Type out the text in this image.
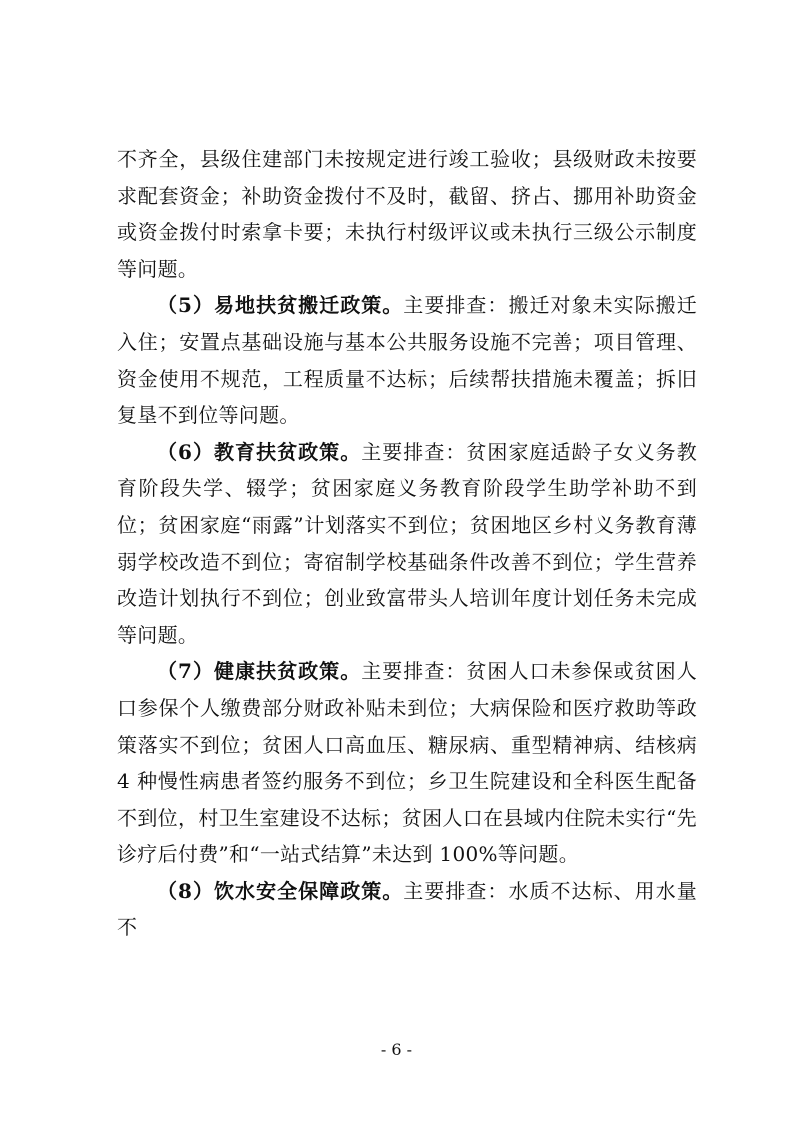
不齐全，县级住建部门未按规定进行竣工验收；县级财政未按要求配套资金；补助资金拨付不及时，截留、挤占、挪用补助资金或资金拨付时索拿卡要；未执行村级评议或未执行三级公示制度等问题。

（5）易地扶贫搬迁政策。主要排查：搬迁对象未实际搬迁入住；安置点基础设施与基本公共服务设施不完善；项目管理、资金使用不规范，工程质量不达标；后续帮扶措施未覆盖；拆旧复垦不到位等问题。

（6）教育扶贫政策。主要排查：贫困家庭适龄子女义务教育阶段失学、辍学；贫困家庭义务教育阶段学生助学补助不到位；贫困家庭“雨露”计划落实不到位；贫困地区乡村义务教育薄弱学校改造不到位；寄宿制学校基础条件改善不到位；学生营养改造计划执行不到位；创业致富带头人培训年度计划任务未完成等问题。

（7）健康扶贫政策。主要排查：贫困人口未参保或贫困人口参保个人缴费部分财政补贴未到位；大病保险和医疗救助等政策落实不到位；贫困人口高血压、糖尿病、重型精神病、结核病 4 种慢性病患者签约服务不到位；乡卫生院建设和全科医生配备不到位，村卫生室建设不达标；贫困人口在县域内住院未实行“先诊疗后付费”和“一站式结算”未达到 100%等问题。

（8）饮水安全保障政策。主要排查：水质不达标、用水量不

- 6 -
